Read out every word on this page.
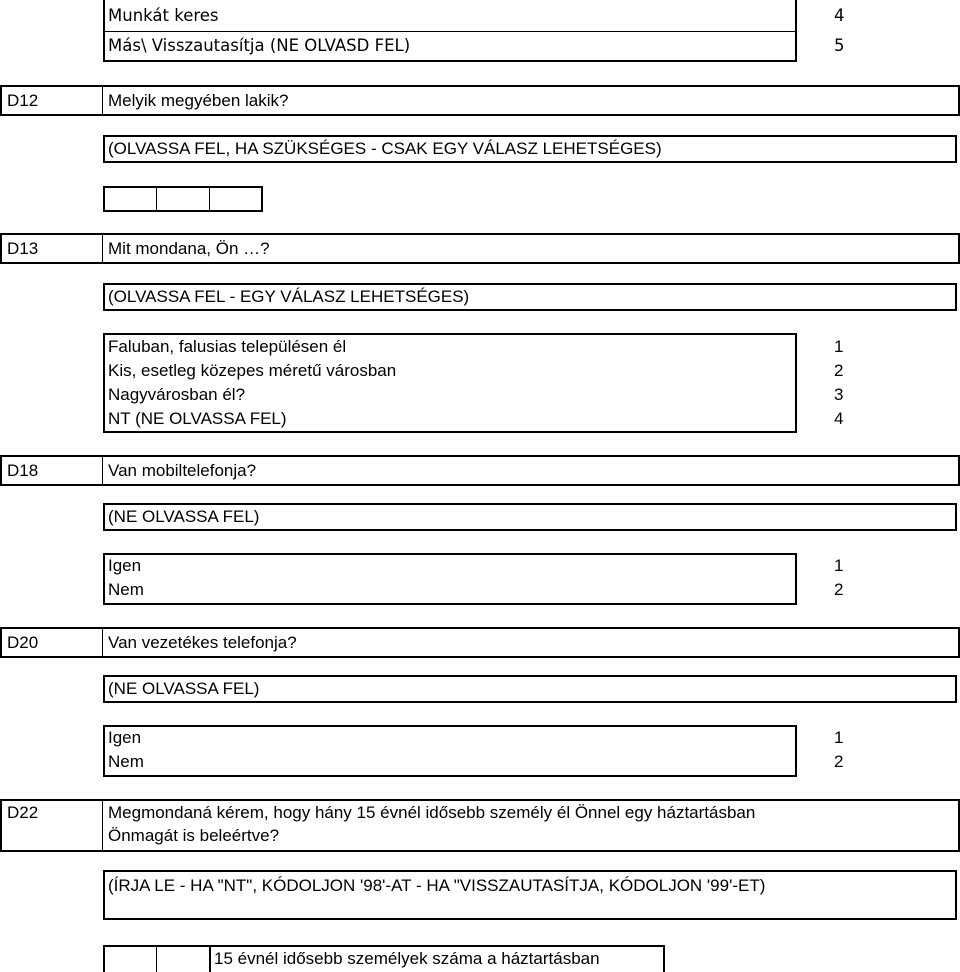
Munkát keres	4
Más\ Visszautasítja (NE OLVASD FEL)	5
D12	Melyik megyében lakik?
(OLVASSA FEL, HA SZÜKSÉGES - CSAK EGY VÁLASZ LEHETSÉGES)
D13	Mit mondana, Ön …?
(OLVASSA FEL - EGY VÁLASZ LEHETSÉGES)
Faluban, falusias településen él	1
Kis, esetleg közepes méretű városban	2
Nagyvárosban él?	3
NT (NE OLVASSA FEL)	4
D18	Van mobiltelefonja?
(NE OLVASSA FEL)
Igen	1
Nem	2
D20	Van vezetékes telefonja?
(NE OLVASSA FEL)
Igen	1
Nem	2
D22	Megmondaná kérem, hogy hány 15 évnél idősebb személy él Önnel egy háztartásban
Önmagát is beleértve?
(ÍRJA LE - HA "NT", KÓDOLJON '98'-AT - HA "VISSZAUTASÍTJA, KÓDOLJON '99'-ET)
15 évnél idősebb személyek száma a háztartásban
